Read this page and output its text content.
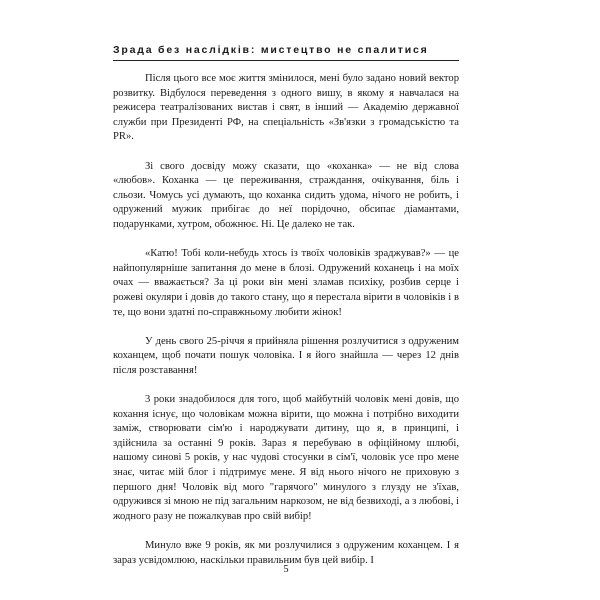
Зрада без наслідків: мистецтво не спалитися

Після цього все моє життя змінилося, мені було задано новий вектор розвитку. Відбулося переведення з одного вишу, в якому я навчалася на режисера театралізованих вистав і свят, в інший — Академію державної служби при Президенті РФ, на спеціальність «Зв'язки з громадськістю та PR».

Зі свого досвіду можу сказати, що «коханка» — не від слова «любов». Коханка — це переживання, страждання, очікування, біль і сльози. Чомусь усі думають, що коханка сидить удома, нічого не робить, і одружений мужик прибігає до неї порідочно, обсипає діамантами, подарунками, хутром, обожнює. Ні. Це далеко не так.

«Катю! Тобі коли-небудь хтось із твоїх чоловіків зраджував?» — це найпопулярніше запитання до мене в блозі. Одружений коханець і на моїх очах — вважається? За ці роки він мені зламав психіку, розбив серце і рожеві окуляри і довів до такого стану, що я перестала вірити в чоловіків і в те, що вони здатні по-справжньому любити жінок!

У день свого 25-річчя я прийняла рішення розлучитися з одруженим коханцем, щоб почати пошук чоловіка. І я його знайшла — через 12 днів після розставання!

3 роки знадобилося для того, щоб майбутній чоловік мені довів, що кохання існує, що чоловікам можна вірити, що можна і потрібно виходити заміж, створювати сім'ю і народжувати дитину, що я, в принципі, і здійснила за останні 9 років. Зараз я перебуваю в офіційному шлюбі, нашому синові 5 років, у нас чудові стосунки в сім'ї, чоловік усе про мене знає, читає мій блог і підтримує мене. Я від нього нічого не приховую з першого дня! Чоловік від мого "гарячого" минулого з глузду не з'їхав, одружився зі мною не під загальним наркозом, не від безвиході, а з любові, і жодного разу не пожалкував про свій вибір!

Минуло вже 9 років, як ми розлучилися з одруженим коханцем. І я зараз усвідомлюю, наскільки правильним був цей вибір. І

5
